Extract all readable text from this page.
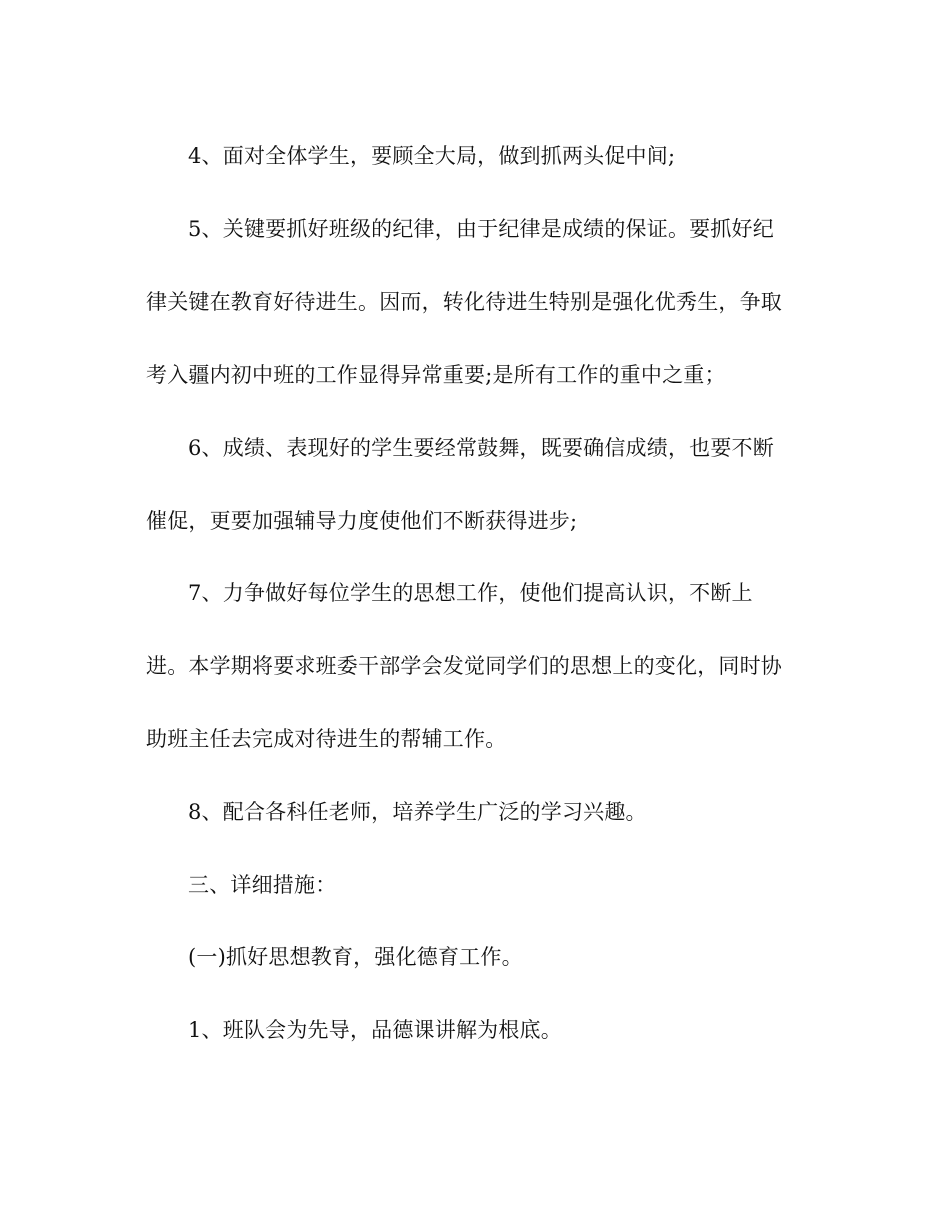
4、面对全体学生，要顾全大局，做到抓两头促中间;
5、关键要抓好班级的纪律，由于纪律是成绩的保证。要抓好纪
律关键在教育好待进生。因而，转化待进生特别是强化优秀生，争取
考入疆内初中班的工作显得异常重要;是所有工作的重中之重；
6、成绩、表现好的学生要经常鼓舞，既要确信成绩，也要不断
催促，更要加强辅导力度使他们不断获得进步;
7、力争做好每位学生的思想工作，使他们提高认识，不断上
进。本学期将要求班委干部学会发觉同学们的思想上的变化，同时协
助班主任去完成对待进生的帮辅工作。
8、配合各科任老师，培养学生广泛的学习兴趣。
三、详细措施：
(一)抓好思想教育，强化德育工作。
1、班队会为先导，品德课讲解为根底。
